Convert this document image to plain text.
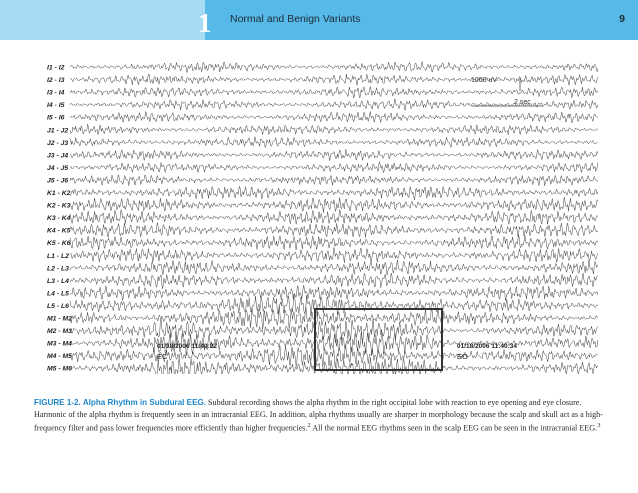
1 Normal and Benign Variants	9
I1 - I2
I2 - I3
I3 - I4
I4 - I5
I5 - I6
J1 - J2
J2 - J3
J3 - J4
J4 - J5
J5 - J6
K1 - K2
K2 - K3
K3 - K4
K4 - K5
K5 - K6
L1 - L2
L2 - L3
L3 - L4
L4 - L5
L5 - L6
M1 - M2
M2 - M3
M3 - M4
M4 - M5
M5 - M6
1000 uV
2 sec
01/18/2006 11:40:22
EC
01/18/2006 11:40:34
EO
FIGURE 1-2. Alpha Rhythm in Subdural EEG. Subdural recording shows the alpha rhythm in the right occipital lobe with reaction to eye opening and eye closure. Harmonic of the alpha rhythm is frequently seen in an intracranial EEG. In addition, alpha rhythms usually are sharper in morphology because the scalp and skull act as a high-frequency filter and pass lower frequencies more efficiently than higher frequencies.$^2$ All the normal EEG rhythms seen in the scalp EEG can be seen in the intracranial EEG.$^3$
